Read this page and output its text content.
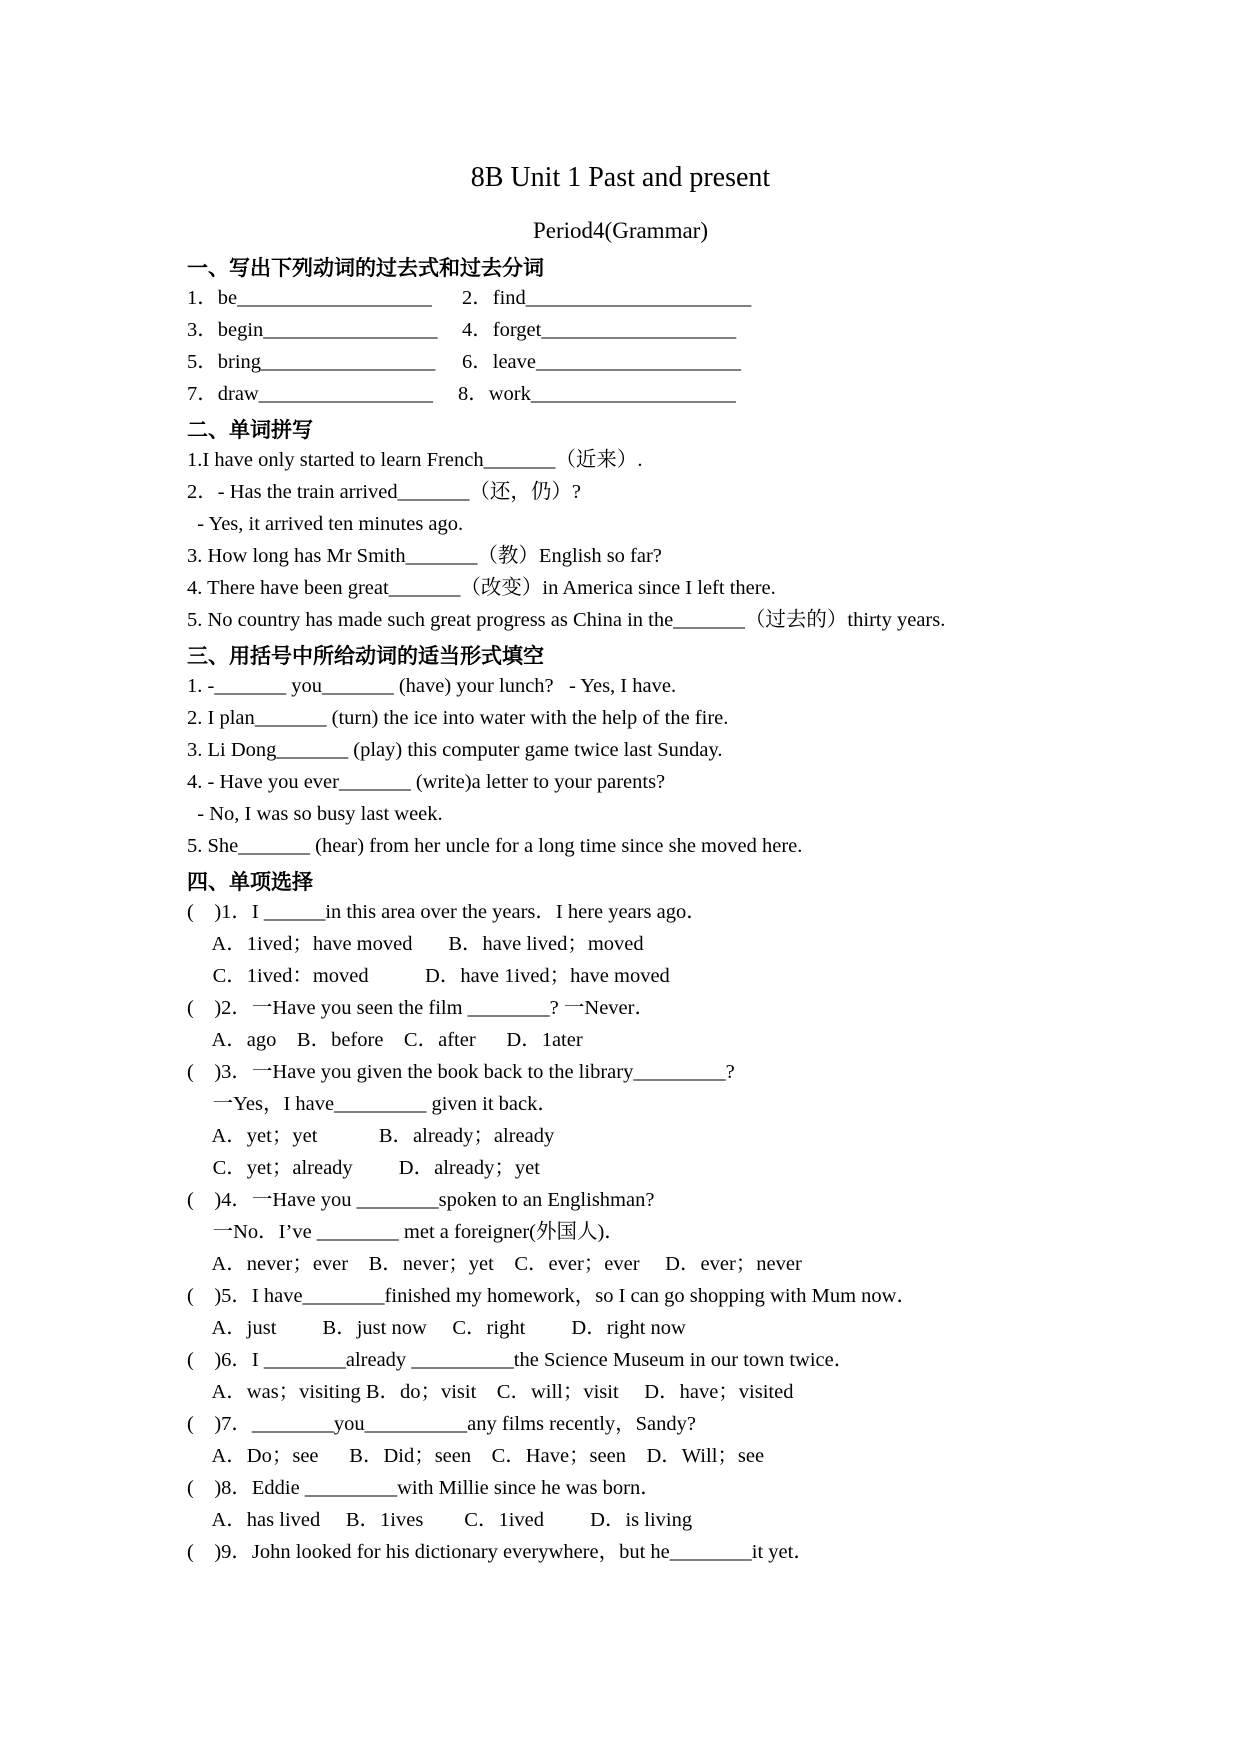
8B Unit 1 Past and present
Period4(Grammar)
一、写出下列动词的过去式和过去分词
1．be___________________ 2．find______________________
3．begin_________________ 4．forget___________________
5．bring_________________ 6．leave____________________
7．draw_________________ 8．work____________________
二、单词拼写
1.I have only started to learn French_______（近来）.
2．- Has the train arrived_______（还，仍）?
- Yes, it arrived ten minutes ago.
3. How long has Mr Smith_______（教）English so far?
4. There have been great_______（改变）in America since I left there.
5. No country has made such great progress as China in the_______（过去的）thirty years.
三、用括号中所给动词的适当形式填空
1. -_______ you_______ (have) your lunch?   - Yes, I have.
2. I plan_______ (turn) the ice into water with the help of the fire.
3. Li Dong_______ (play) this computer game twice last Sunday.
4. - Have you ever_______ (write)a letter to your parents?
- No, I was so busy last week.
5. She_______ (hear) from her uncle for a long time since she moved here.
四、单项选择
(    )1．I ______in this area over the years．I here years ago．
A．1ived；have moved       B．have lived；moved
C．1ived：moved           D．have 1ived；have moved
(    )2．一Have you seen the film ________? 一Never．
A．ago    B．before    C．after      D．1ater
(    )3．一Have you given the book back to the library_________?
一Yes，I have_________ given it back．
A．yet；yet            B．already；already
C．yet；already         D．already；yet
(    )4．一Have you ________spoken to an Englishman?
一No．I’ve ________ met a foreigner(外国人)．
A．never；ever    B．never；yet    C．ever；ever     D．ever；never
(    )5．I have________finished my homework，so I can go shopping with Mum now．
A．just         B．just now     C．right         D．right now
(    )6．I ________already __________the Science Museum in our town twice．
A．was；visiting B．do；visit    C．will；visit     D．have；visited
(    )7．________you__________any films recently，Sandy?
A．Do；see      B．Did；seen    C．Have；seen    D．Will；see
(    )8．Eddie _________with Millie since he was born．
A．has lived     B．1ives        C．1ived         D．is living
(    )9．John looked for his dictionary everywhere，but he________it yet．
